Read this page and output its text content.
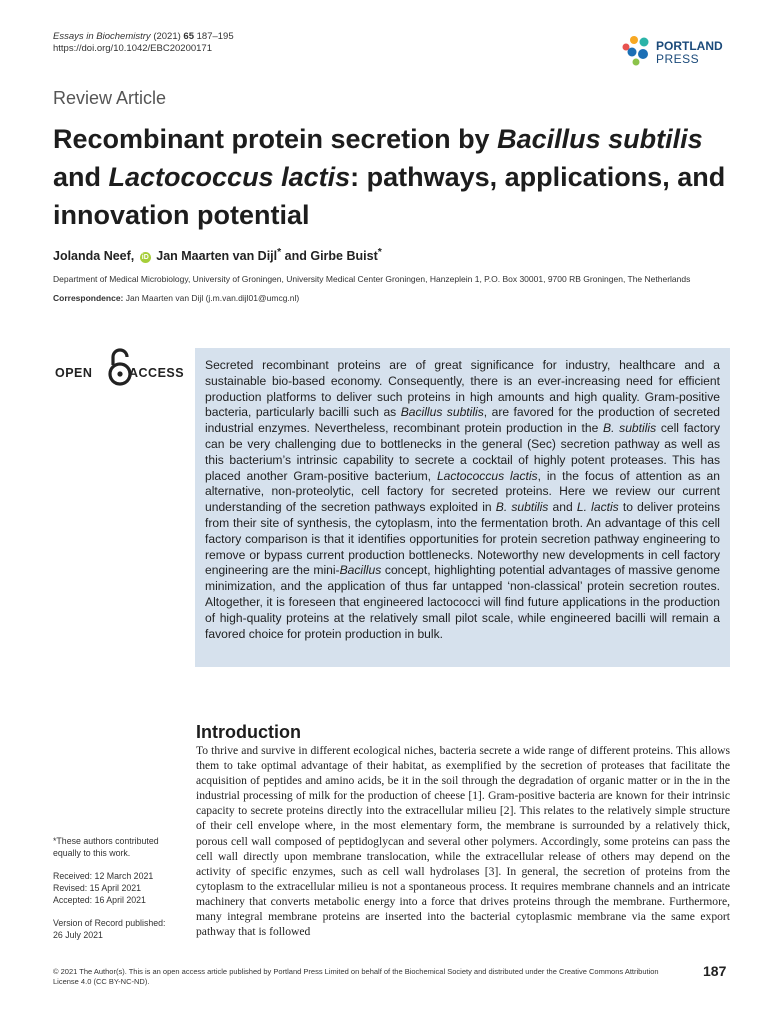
Essays in Biochemistry (2021) 65 187–195
https://doi.org/10.1042/EBC20200171	PORTLAND
PRESS
Review Article
Recombinant protein secretion by Bacillus subtilis
and Lactococcus lactis: pathways, applications, and innovation potential
Jolanda Neef, iD Jan Maarten van Dijl* and Girbe Buist*
Department of Medical Microbiology, University of Groningen, University Medical Center Groningen, Hanzeplein 1, P.O. Box 30001, 9700 RB Groningen, The Netherlands
Correspondence: Jan Maarten van Dijl (j.m.van.dijl01@umcg.nl)
OPEN	ACCESS
Secreted recombinant proteins are of great significance for industry, healthcare and a sustainable bio-based economy. Consequently, there is an ever-increasing need for efficient production platforms to deliver such proteins in high amounts and high quality. Gram-positive bacteria, particularly bacilli such as Bacillus subtilis, are favored for the production of secreted industrial enzymes. Nevertheless, recombinant protein production in the B. subtilis cell factory can be very challenging due to bottlenecks in the general (Sec) secretion pathway as well as this bacterium’s intrinsic capability to secrete a cocktail of highly potent proteases. This has placed another Gram-positive bacterium, Lactococcus lactis, in the focus of attention as an alternative, non-proteolytic, cell factory for secreted proteins. Here we review our current understanding of the secretion pathways exploited in B. subtilis and L. lactis to deliver proteins from their site of synthesis, the cytoplasm, into the fermentation broth. An advantage of this cell factory comparison is that it identifies opportunities for protein secretion pathway engineering to remove or bypass current production bottlenecks. Noteworthy new developments in cell factory engineering are the mini-Bacillus concept, highlighting potential advantages of massive genome minimization, and the application of thus far untapped ‘non-classical’ protein secretion routes. Altogether, it is foreseen that engineered lactococci will find future applications in the production of high-quality proteins at the relatively small pilot scale, while engineered bacilli will remain a favored choice for protein production in bulk.
Introduction
To thrive and survive in different ecological niches, bacteria secrete a wide range of different proteins. This allows them to take optimal advantage of their habitat, as exemplified by the secretion of proteases that facilitate the acquisition of peptides and amino acids, be it in the soil through the degradation of organic matter or in the in the industrial processing of milk for the production of cheese [1]. Gram-positive bacteria are known for their intrinsic capacity to secrete proteins directly into the extracellular milieu [2]. This relates to the relatively simple structure of their cell envelope where, in the most elementary form, the membrane is surrounded by a relatively thick, porous cell wall composed of peptidoglycan and several other polymers. Accordingly, some proteins can pass the cell wall directly upon membrane translocation, while the extracellular release of others may depend on the activity of specific enzymes, such as cell wall hydrolases [3]. In general, the secretion of proteins from the cytoplasm to the extracellular milieu is not a spontaneous process. It requires membrane channels and an intricate machinery that converts metabolic energy into a force that drives proteins through the membrane. Furthermore, many integral membrane proteins are inserted into the bacterial cytoplasmic membrane via the same export pathway that is followed
*These authors contributed equally to this work.
Received: 12 March 2021
Revised: 15 April 2021
Accepted: 16 April 2021
Version of Record published:
26 July 2021
© 2021 The Author(s). This is an open access article published by Portland Press Limited on behalf of the Biochemical Society and distributed under the Creative Commons Attribution License 4.0 (CC BY-NC-ND).
187
